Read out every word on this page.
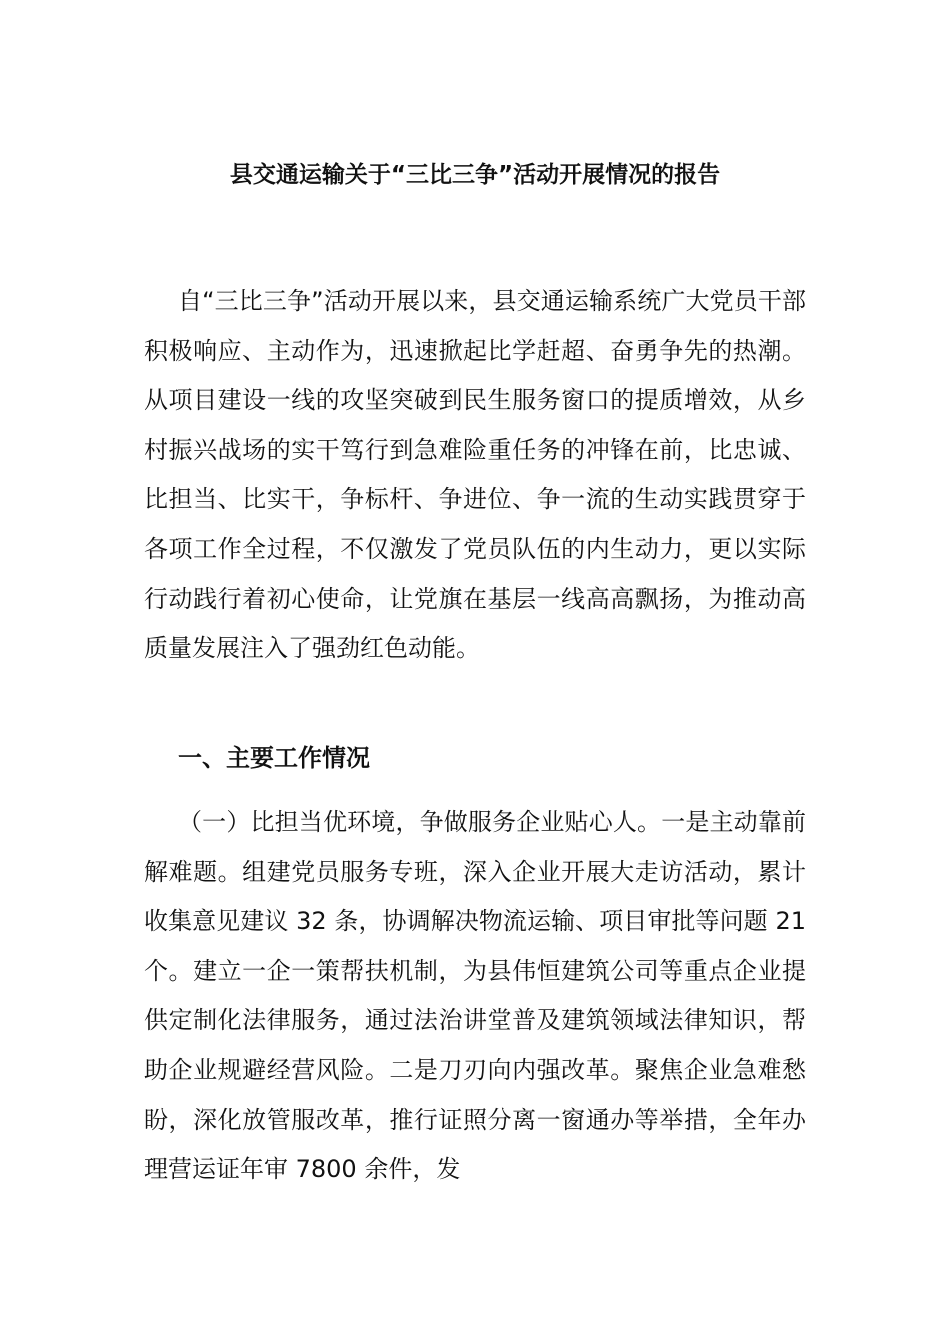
县交通运输关于“三比三争”活动开展情况的报告

自“三比三争”活动开展以来，县交通运输系统广大党员干部积极响应、主动作为，迅速掀起比学赶超、奋勇争先的热潮。从项目建设一线的攻坚突破到民生服务窗口的提质增效，从乡村振兴战场的实干笃行到急难险重任务的冲锋在前，比忠诚、比担当、比实干，争标杆、争进位、争一流的生动实践贯穿于各项工作全过程，不仅激发了党员队伍的内生动力，更以实际行动践行着初心使命，让党旗在基层一线高高飘扬，为推动高质量发展注入了强劲红色动能。

一、主要工作情况

（一）比担当优环境，争做服务企业贴心人。一是主动靠前解难题。组建党员服务专班，深入企业开展大走访活动，累计收集意见建议 32 条，协调解决物流运输、项目审批等问题 21 个。建立一企一策帮扶机制，为县伟恒建筑公司等重点企业提供定制化法律服务，通过法治讲堂普及建筑领域法律知识，帮助企业规避经营风险。二是刀刃向内强改革。聚焦企业急难愁盼，深化放管服改革，推行证照分离一窗通办等举措，全年办理营运证年审 7800 余件，发
